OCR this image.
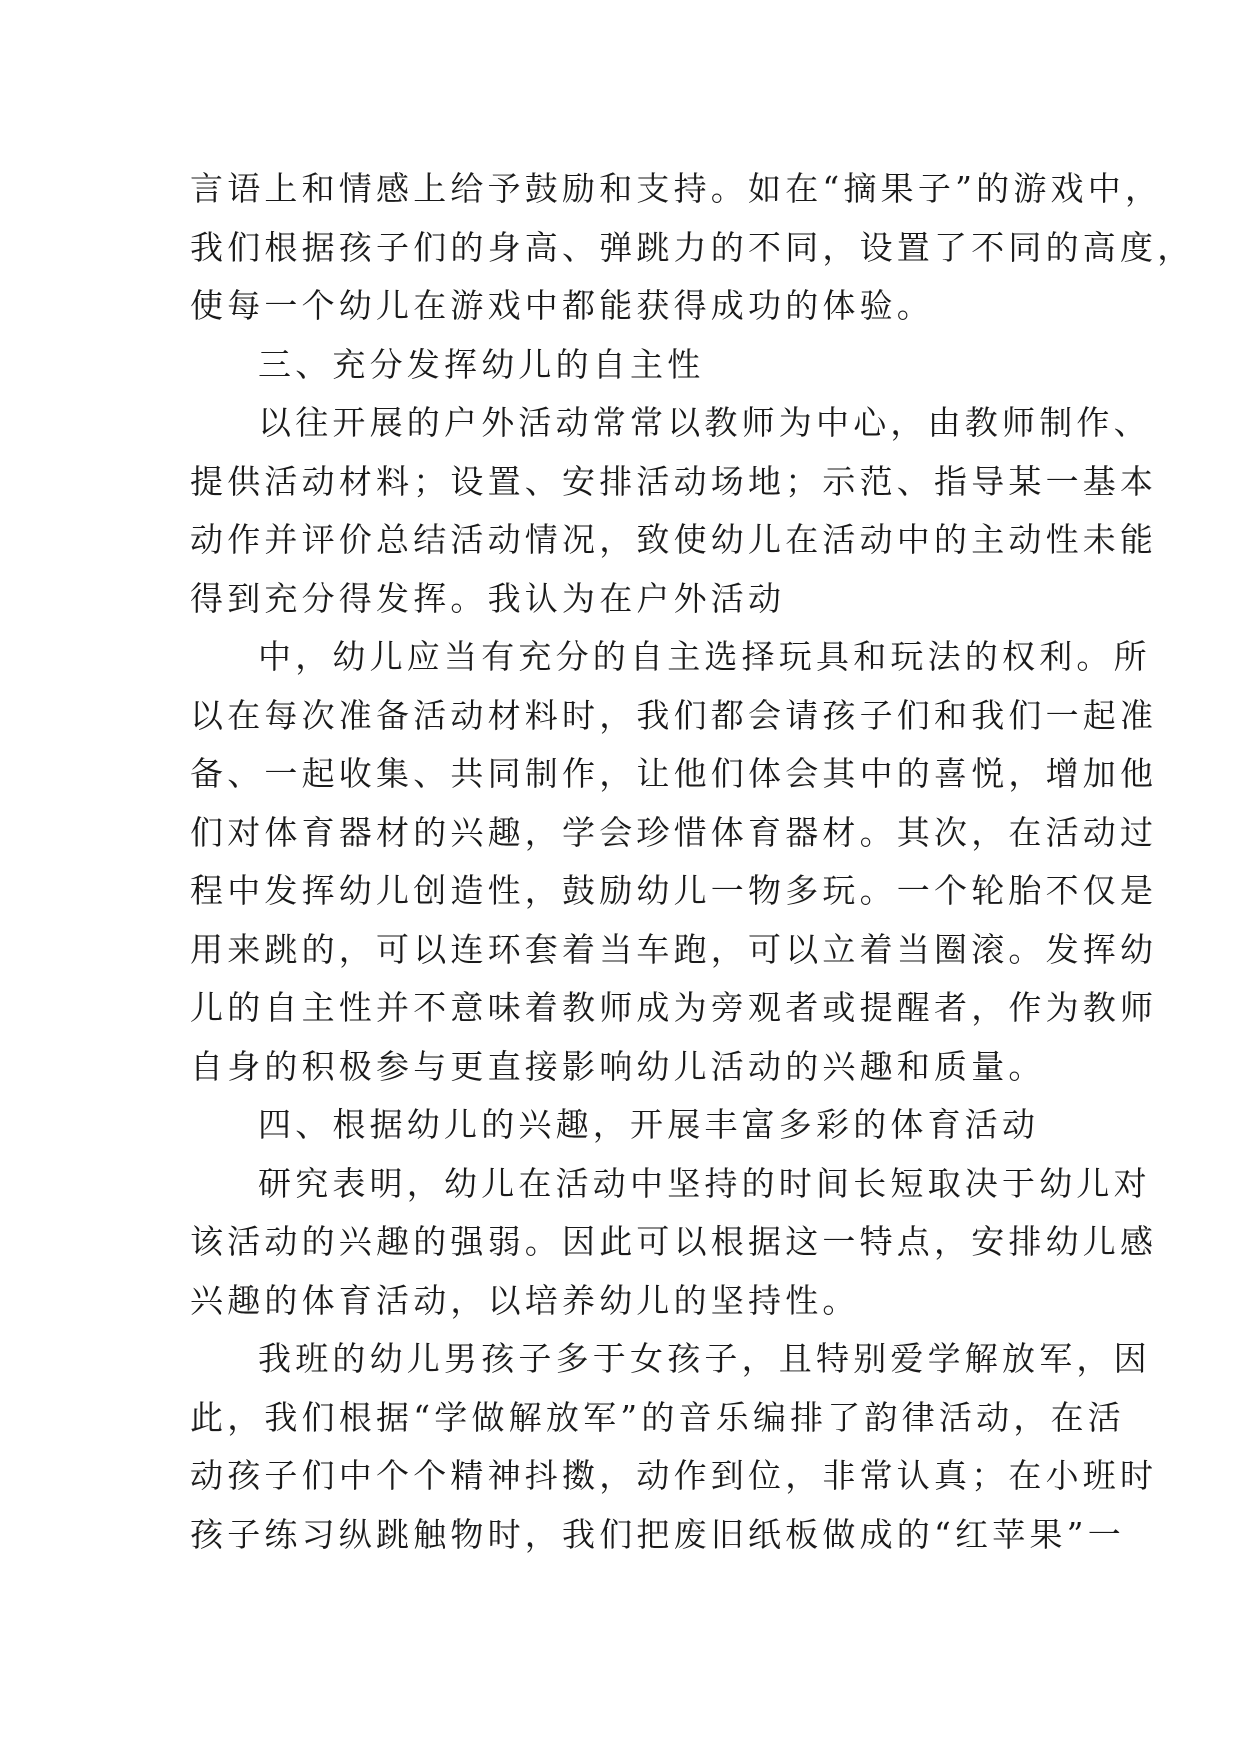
言语上和情感上给予鼓励和支持。如在“摘果子”的游戏中，
我们根据孩子们的身高、弹跳力的不同，设置了不同的高度，
使每一个幼儿在游戏中都能获得成功的体验。
三、充分发挥幼儿的自主性
以往开展的户外活动常常以教师为中心，由教师制作、
提供活动材料；设置、安排活动场地；示范、指导某一基本
动作并评价总结活动情况，致使幼儿在活动中的主动性未能
得到充分得发挥。我认为在户外活动
中，幼儿应当有充分的自主选择玩具和玩法的权利。所
以在每次准备活动材料时，我们都会请孩子们和我们一起准
备、一起收集、共同制作，让他们体会其中的喜悦，增加他
们对体育器材的兴趣，学会珍惜体育器材。其次，在活动过
程中发挥幼儿创造性，鼓励幼儿一物多玩。一个轮胎不仅是
用来跳的，可以连环套着当车跑，可以立着当圈滚。发挥幼
儿的自主性并不意味着教师成为旁观者或提醒者，作为教师
自身的积极参与更直接影响幼儿活动的兴趣和质量。
四、根据幼儿的兴趣，开展丰富多彩的体育活动
研究表明，幼儿在活动中坚持的时间长短取决于幼儿对
该活动的兴趣的强弱。因此可以根据这一特点，安排幼儿感
兴趣的体育活动，以培养幼儿的坚持性。
我班的幼儿男孩子多于女孩子，且特别爱学解放军，因
此，我们根据“学做解放军”的音乐编排了韵律活动，在活
动孩子们中个个精神抖擞，动作到位，非常认真；在小班时
孩子练习纵跳触物时，我们把废旧纸板做成的“红苹果”一
